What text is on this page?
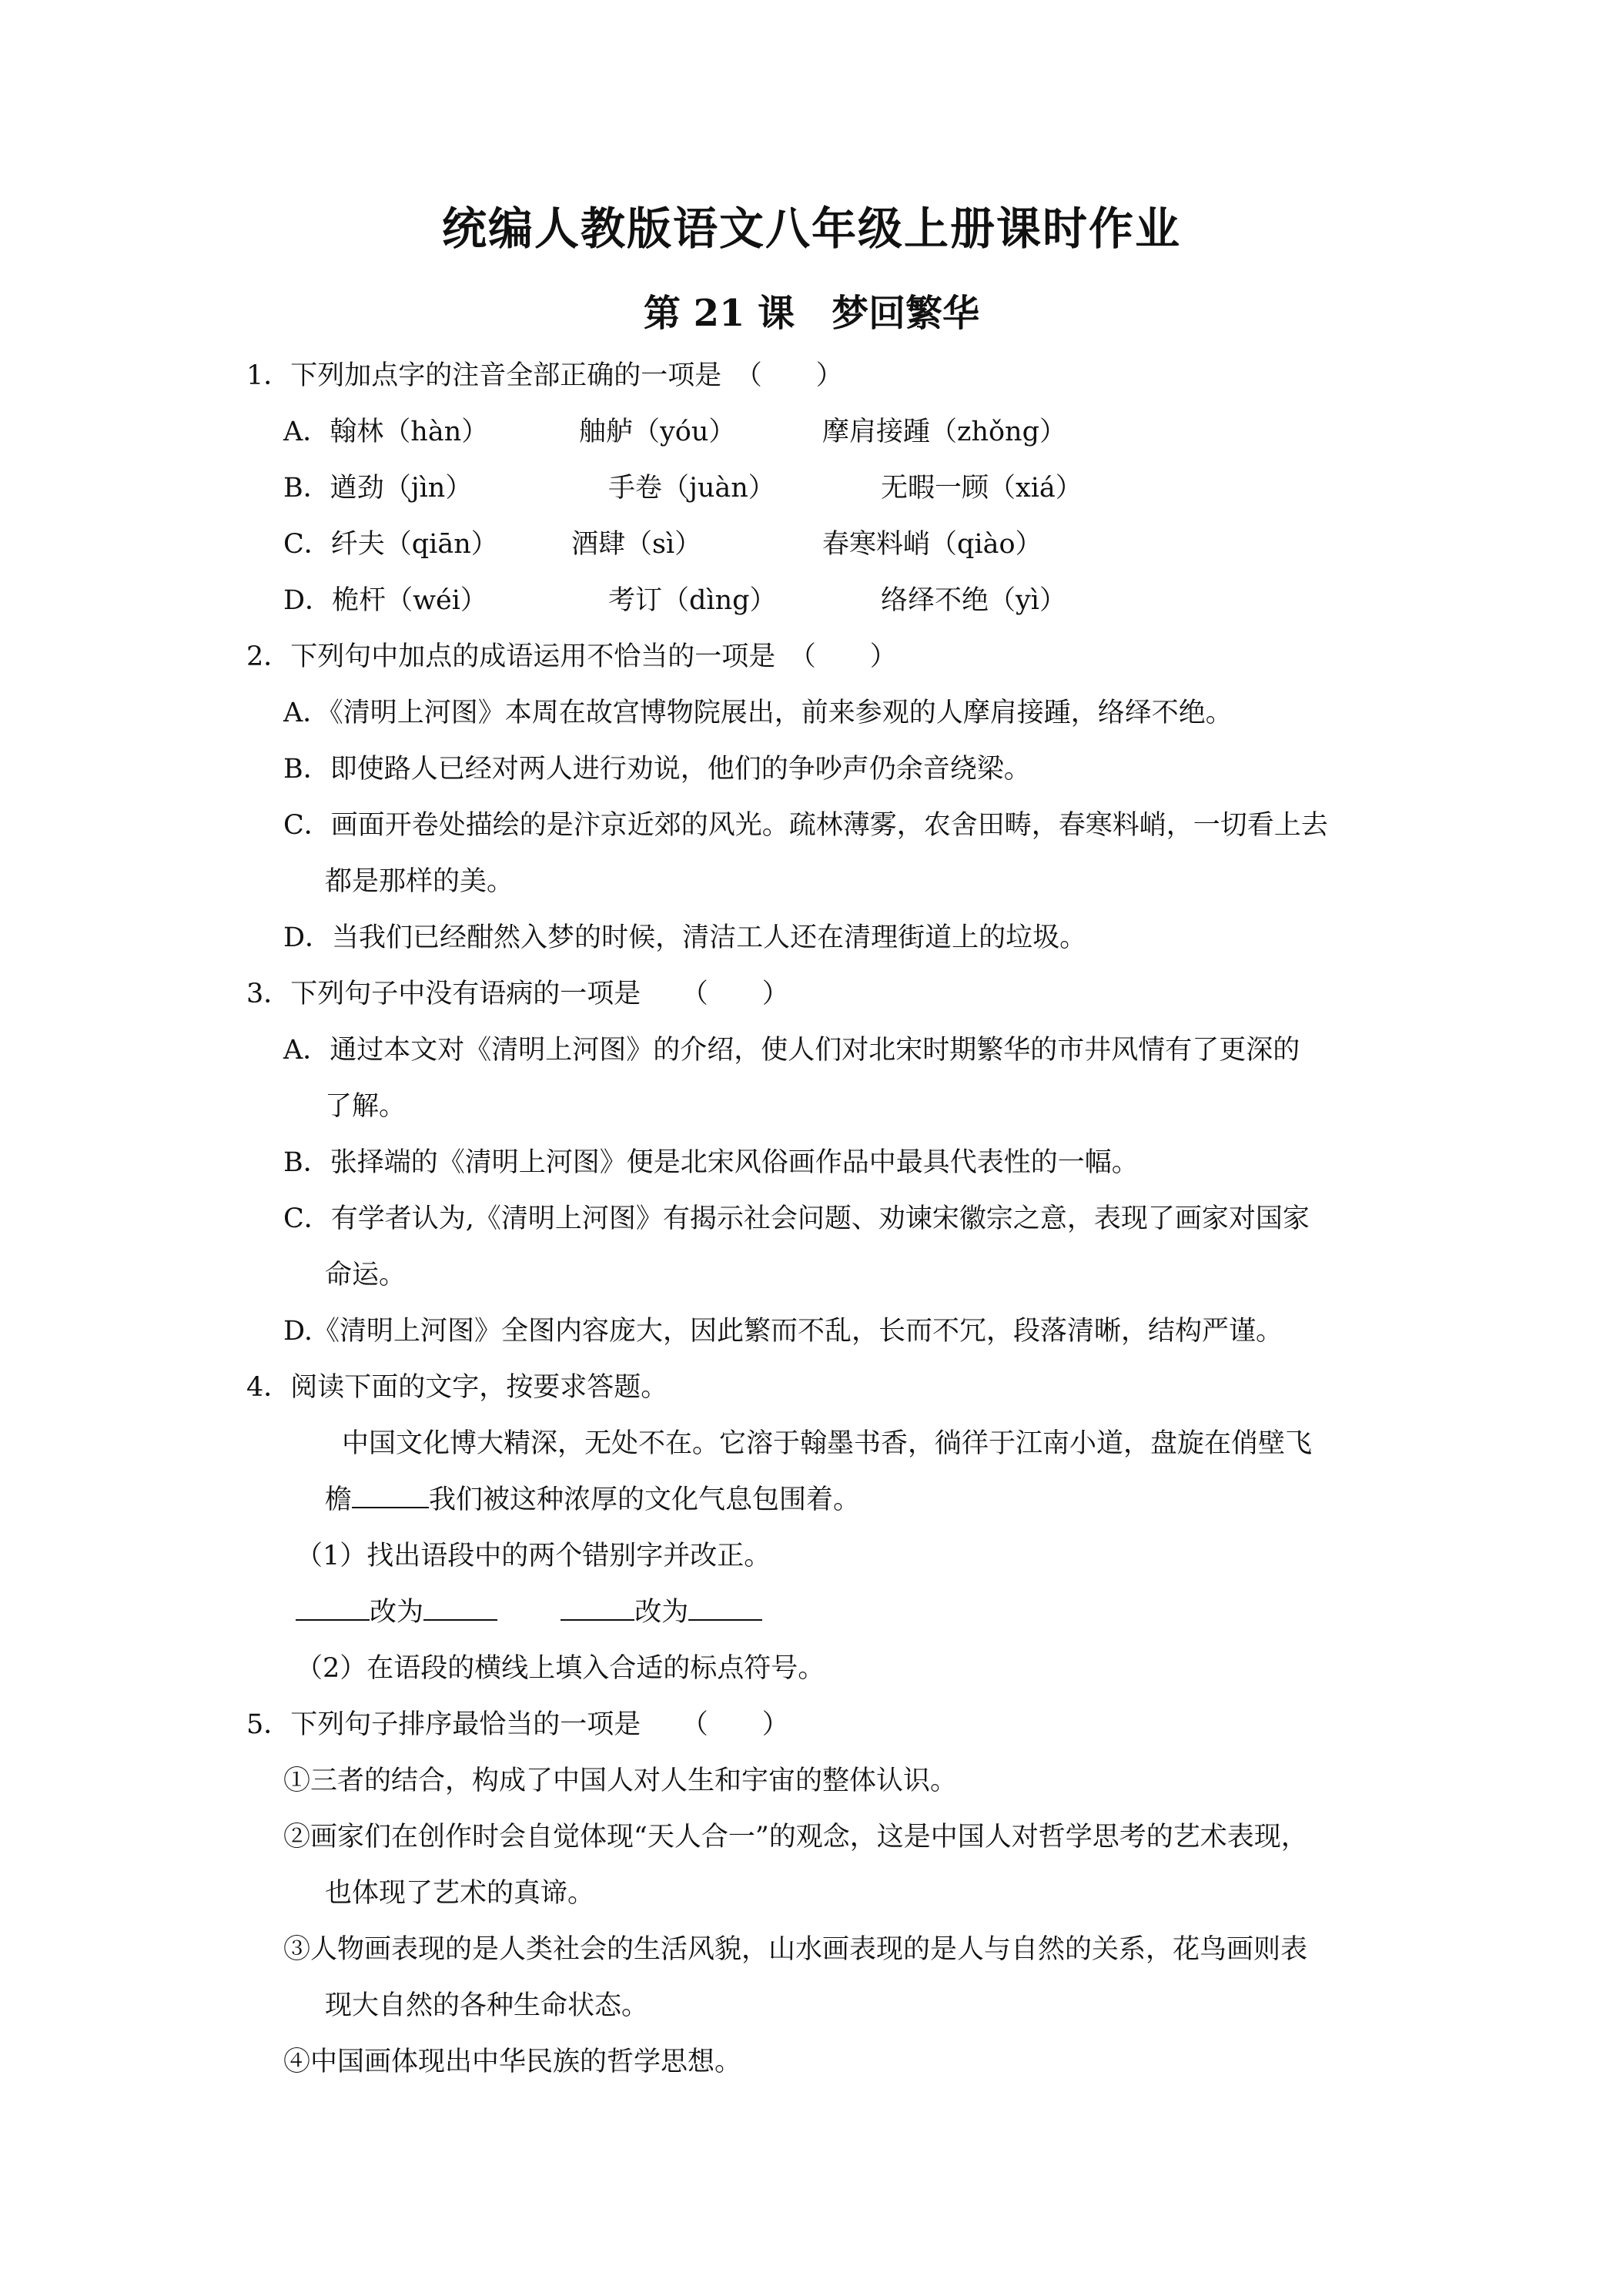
统编人教版语文八年级上册课时作业
第 21 课　梦回繁华
1．下列加点字的注音全部正确的一项是　（　　）
A．翰林（hàn）	舳舻（yóu）	摩肩接踵（zhǒng）
B．遒劲（jìn）	手卷（juàn）	无暇一顾（xiá）
C．纤夫（qiān）	酒肆（sì）	春寒料峭（qiào）
D．桅杆（wéi）	考订（dìng）	络绎不绝（yì）
2．下列句中加点的成语运用不恰当的一项是　（　　）
A．《清明上河图》本周在故宫博物院展出，前来参观的人摩肩接踵，络绎不绝。
B．即使路人已经对两人进行劝说，他们的争吵声仍余音绕梁。
C．画面开卷处描绘的是汴京近郊的风光。疏林薄雾，农舍田畴，春寒料峭，一切看上去
都是那样的美。
D．当我们已经酣然入梦的时候，清洁工人还在清理街道上的垃圾。
3．下列句子中没有语病的一项是　　（　　）
A．通过本文对《清明上河图》的介绍，使人们对北宋时期繁华的市井风情有了更深的
了解。
B．张择端的《清明上河图》便是北宋风俗画作品中最具代表性的一幅。
C．有学者认为,《清明上河图》有揭示社会问题、劝谏宋徽宗之意，表现了画家对国家
命运。
D.《清明上河图》全图内容庞大，因此繁而不乱，长而不冗，段落清晰，结构严谨。
4．阅读下面的文字，按要求答题。
中国文化博大精深，无处不在。它溶于翰墨书香，徜徉于江南小道，盘旋在俏壁飞
檐	我们被这种浓厚的文化气息包围着。
（1）找出语段中的两个错别字并改正。
改为	改为
（2）在语段的横线上填入合适的标点符号。
5．下列句子排序最恰当的一项是　　（　　）
①三者的结合，构成了中国人对人生和宇宙的整体认识。
②画家们在创作时会自觉体现“天人合一”的观念，这是中国人对哲学思考的艺术表现，
也体现了艺术的真谛。
③人物画表现的是人类社会的生活风貌，山水画表现的是人与自然的关系，花鸟画则表
现大自然的各种生命状态。
④中国画体现出中华民族的哲学思想。
